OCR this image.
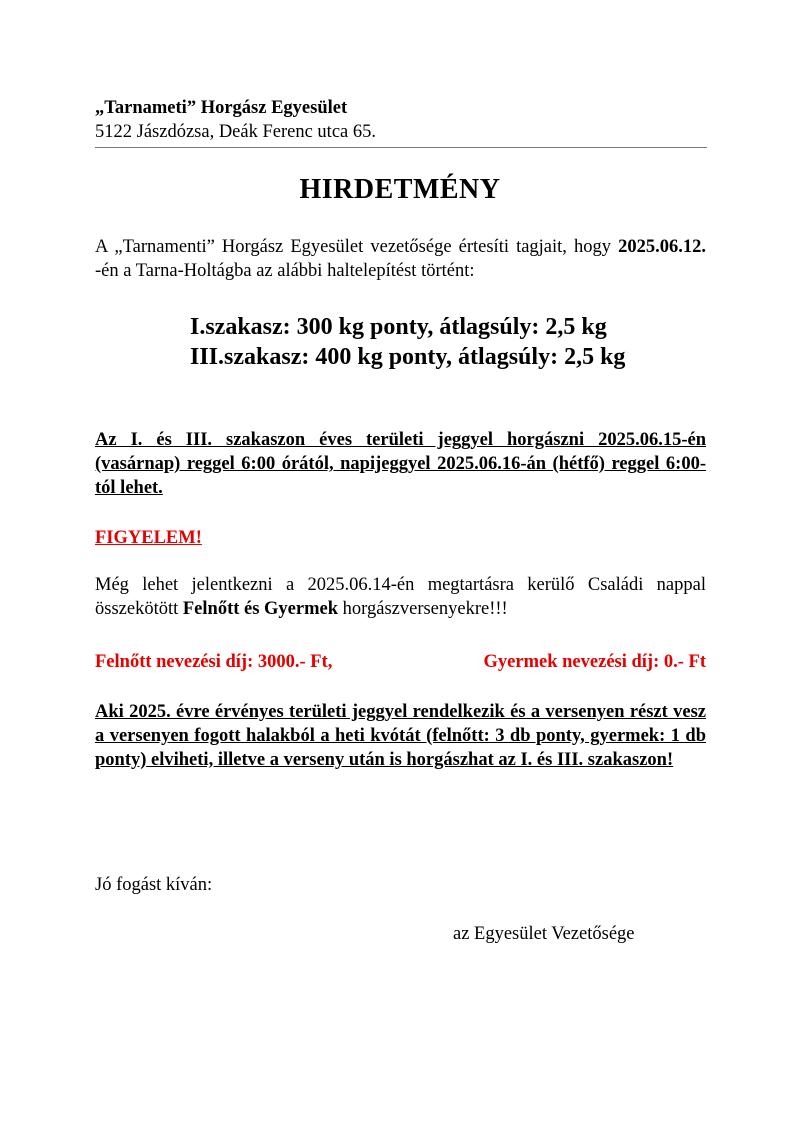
„Tarnameti” Horgász Egyesület
5122 Jászdózsa, Deák Ferenc utca 65.
HIRDETMÉNY
A „Tarnamenti” Horgász Egyesület vezetősége értesíti tagjait, hogy 2025.06.12. -én a Tarna-Holtágba az alábbi haltelepítést történt:
I.szakasz: 300 kg ponty, átlagsúly: 2,5 kg
III.szakasz: 400 kg ponty, átlagsúly: 2,5 kg
Az I. és III. szakaszon éves területi jeggyel horgászni 2025.06.15-én (vasárnap) reggel 6:00 órától, napijeggyel 2025.06.16-án (hétfő) reggel 6:00-tól lehet.
FIGYELEM!
Még lehet jelentkezni a 2025.06.14-én megtartásra kerülő Családi nappal összekötött Felnőtt és Gyermek horgászversenyekre!!!
Felnőtt nevezési díj: 3000.- Ft,	Gyermek nevezési díj: 0.- Ft
Aki 2025. évre érvényes területi jeggyel rendelkezik és a versenyen részt vesz a versenyen fogott halakból a heti kvótát (felnőtt: 3 db ponty, gyermek: 1 db ponty) elviheti, illetve a verseny után is horgászhat az I. és III. szakaszon!
Jó fogást kíván:
az Egyesület Vezetősége
